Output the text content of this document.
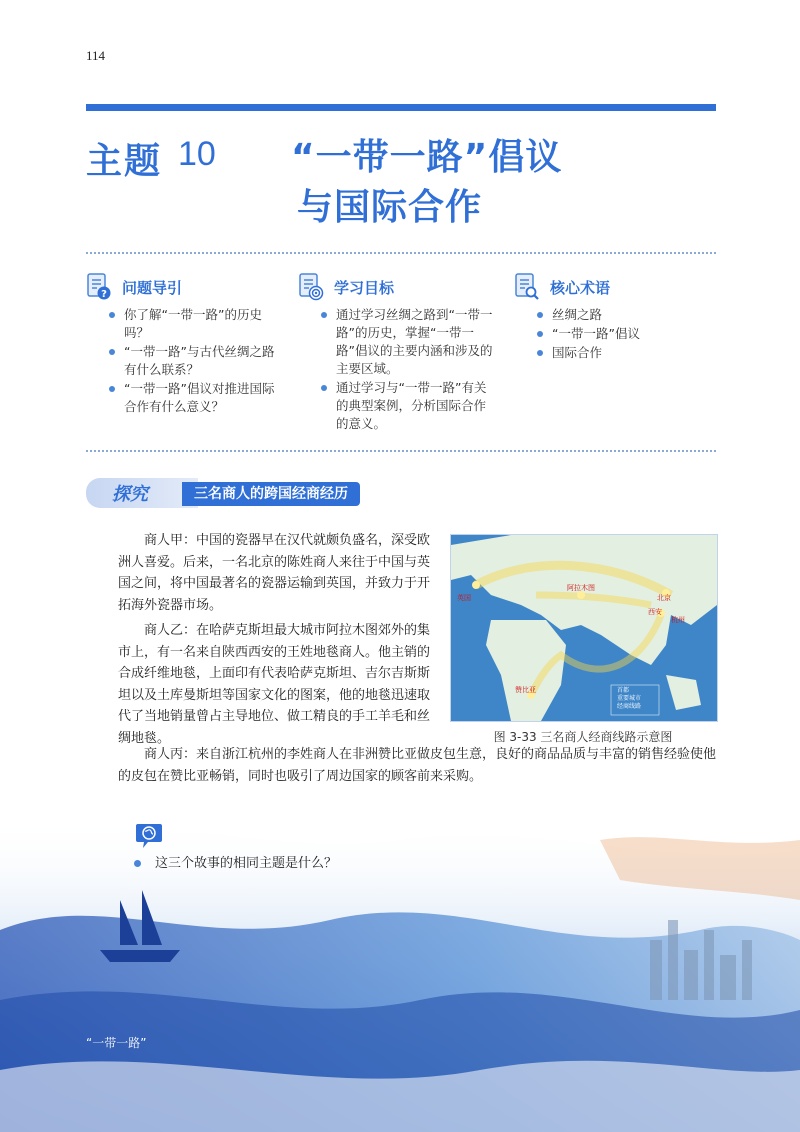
114
主题 10 “一带一路”倡议
与国际合作
? 问题导引
你了解“一带一路”的历史吗？
“一带一路”与古代丝绸之路有什么联系？
“一带一路”倡议对推进国际合作有什么意义？
学习目标
通过学习丝绸之路到“一带一路”的历史，掌握“一带一路”倡议的主要内涵和涉及的主要区域。
通过学习与“一带一路”有关的典型案例，分析国际合作的意义。
核心术语
丝绸之路
“一带一路”倡议
国际合作
探究	三名商人的跨国经商经历
商人甲：中国的瓷器早在汉代就颇负盛名，深受欧洲人喜爱。后来，一名北京的陈姓商人来往于中国与英国之间，将中国最著名的瓷器运输到英国，并致力于开拓海外瓷器市场。
商人乙：在哈萨克斯坦最大城市阿拉木图郊外的集市上，有一名来自陕西西安的王姓地毯商人。他主销的合成纤维地毯，上面印有代表哈萨克斯坦、吉尔吉斯斯坦以及土库曼斯坦等国家文化的图案，他的地毯迅速取代了当地销量曾占主导地位、做工精良的手工羊毛和丝绸地毯。
商人丙：来自浙江杭州的李姓商人在非洲赞比亚做皮包生意，良好的商品品质与丰富的销售经验使他的皮包在赞比亚畅销，同时也吸引了周边国家的顾客前来采购。
英国
阿拉木图
北京
西安
杭州
赞比亚	首都
重要城市
经商线路
图 3-33 三名商人经商线路示意图
这三个故事的相同主题是什么？
“一带一路”
